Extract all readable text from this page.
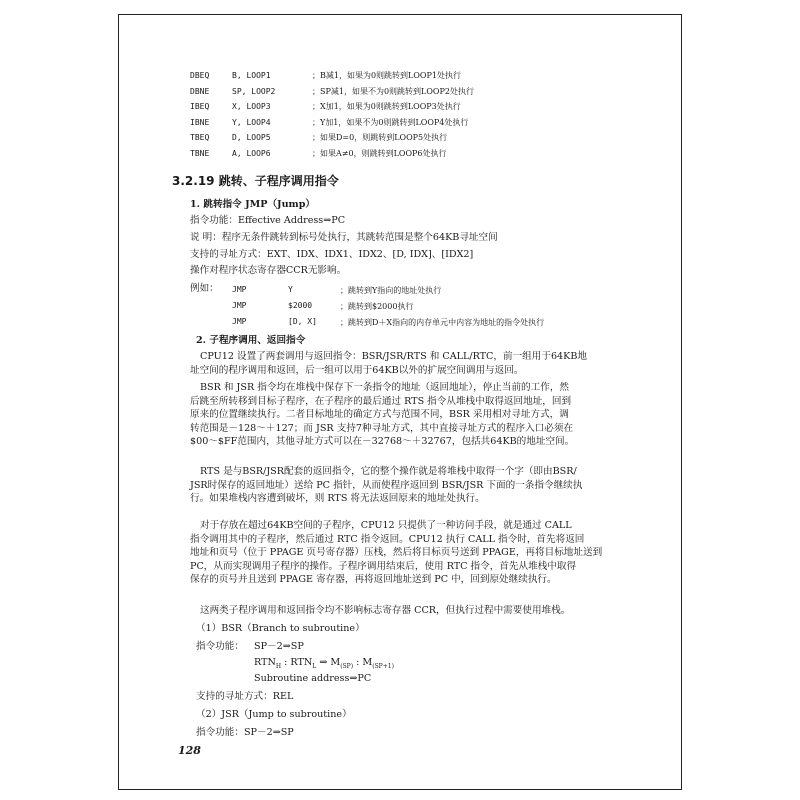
DBEQ	B, LOOP1	；B减1，如果为0则跳转到LOOP1处执行
DBNE	SP, LOOP2	；SP减1，如果不为0则跳转到LOOP2处执行
IBEQ	X, LOOP3	；X加1，如果为0则跳转到LOOP3处执行
IBNE	Y, LOOP4	；Y加1，如果不为0则跳转到LOOP4处执行
TBEQ	D, LOOP5	；如果D=0，则跳转到LOOP5处执行
TBNE	A, LOOP6	；如果A≠0，则跳转到LOOP6处执行
3.2.19 跳转、子程序调用指令
1. 跳转指令 JMP（Jump）
指令功能：Effective Address⇒PC
说 明：程序无条件跳转到标号处执行，其跳转范围是整个64KB寻址空间
支持的寻址方式：EXT、IDX、IDX1、IDX2、[D, IDX]、[IDX2]
操作对程序状态寄存器CCR无影响。
例如： JMP	Y	；跳转到Y指向的地址处执行
JMP	$2000	；跳转到$2000执行
JMP	[D, X]	；跳转到D＋X指向的内存单元中内容为地址的指令处执行
2. 子程序调用、返回指令

CPU12 设置了两套调用与返回指令：BSR/JSR/RTS 和 CALL/RTC，前一组用于64KB地

址空间的程序调用和返回，后一组可以用于64KB以外的扩展空间调用与返回。

BSR 和 JSR 指令均在堆栈中保存下一条指令的地址（返回地址），停止当前的工作，然

后跳至所转移到目标子程序，在子程序的最后通过 RTS 指令从堆栈中取得返回地址，回到

原来的位置继续执行。二者目标地址的确定方式与范围不同，BSR 采用相对寻址方式，调

转范围是－128～＋127；而 JSR 支持7种寻址方式，其中直接寻址方式的程序入口必须在

$00～$FF范围内，其他寻址方式可以在－32768～＋32767，包括共64KB的地址空间。

RTS 是与BSR/JSR配套的返回指令，它的整个操作就是将堆栈中取得一个字（即由BSR/

JSR时保存的返回地址）送给 PC 指针，从而使程序返回到 BSR/JSR 下面的一条指令继续执

行。如果堆栈内容遭到破坏，则 RTS 将无法返回原来的地址处执行。

对于存放在超过64KB空间的子程序，CPU12 只提供了一种访问手段，就是通过 CALL

指令调用其中的子程序，然后通过 RTC 指令返回。CPU12 执行 CALL 指令时，首先将返回

地址和页号（位于 PPAGE 页号寄存器）压栈，然后将目标页号送到 PPAGE，再将目标地址送到

PC，从而实现调用子程序的操作。子程序调用结束后，使用 RTC 指令，首先从堆栈中取得

保存的页号并且送到 PPAGE 寄存器，再将返回地址送到 PC 中，回到原处继续执行。

这两类子程序调用和返回指令均不影响标志寄存器 CCR，但执行过程中需要使用堆栈。

（1）BSR（Branch to subroutine）
指令功能： SP－2⇒SP
$RTN_H$ : $RTN_L$ ⇒ $M_{(SP)}$ : $M_{(SP+1)}$
Subroutine address⇒PC
支持的寻址方式：REL
（2）JSR（Jump to subroutine）
指令功能：SP－2⇒SP
128
